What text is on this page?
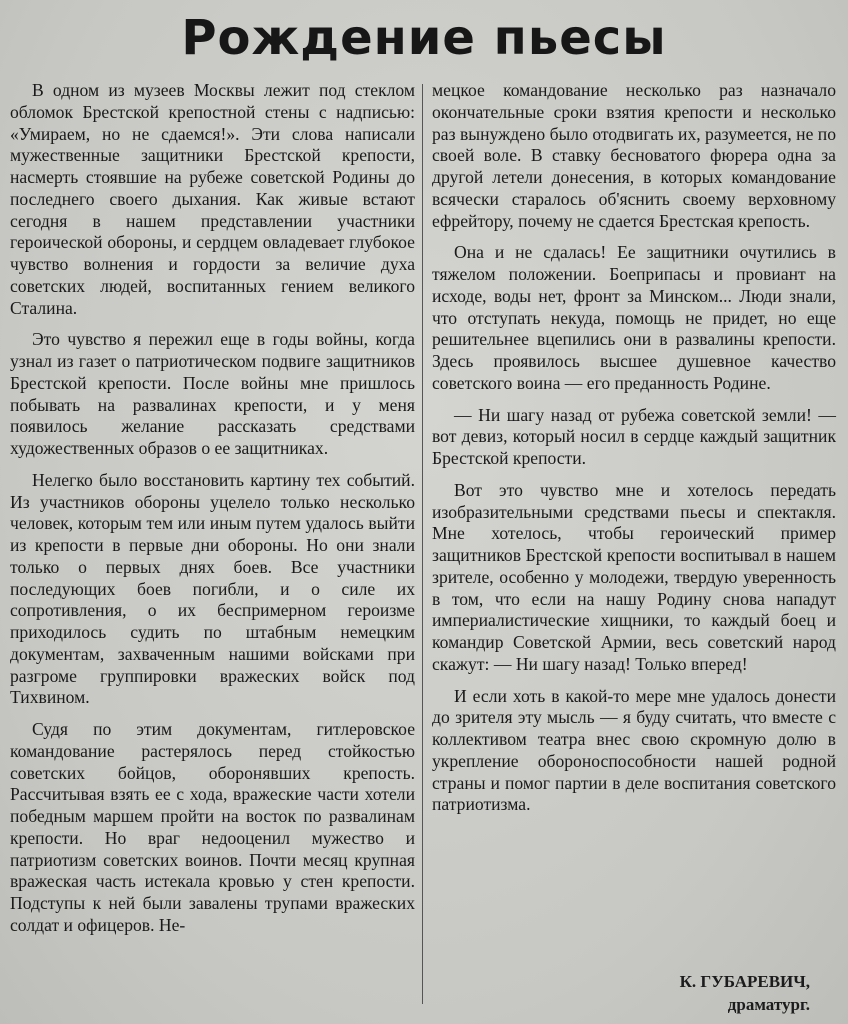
Рождение пьесы

В одном из музеев Москвы лежит под стеклом обломок Брестской крепостной стены с надписью: «Умираем, но не сдаемся!». Эти слова написали мужественные защитники Брестской крепости, насмерть стоявшие на рубеже советской Родины до последнего своего дыхания. Как живые встают сегодня в нашем представлении участники героической обороны, и сердцем овладевает глубокое чувство волнения и гордости за величие духа советских людей, воспитанных гением великого Сталина.

Это чувство я пережил еще в годы войны, когда узнал из газет о патриотическом подвиге защитников Брестской крепости. После войны мне пришлось побывать на развалинах крепости, и у меня появилось желание рассказать средствами художественных образов о ее защитниках.

Нелегко было восстановить картину тех событий. Из участников обороны уцелело только несколько человек, которым тем или иным путем удалось выйти из крепости в первые дни обороны. Но они знали только о первых днях боев. Все участники последующих боев погибли, и о силе их сопротивления, о их беспримерном героизме приходилось судить по штабным немецким документам, захваченным нашими войсками при разгроме группировки вражеских войск под Тихвином.

Судя по этим документам, гитлеровское командование растерялось перед стойкостью советских бойцов, оборонявших крепость. Рассчитывая взять ее с хода, вражеские части хотели победным маршем пройти на восток по развалинам крепости. Но враг недооценил мужество и патриотизм советских воинов. Почти месяц крупная вражеская часть истекала кровью у стен крепости. Подступы к ней были завалены трупами вражеских солдат и офицеров. Не-

мецкое командование несколько раз назначало окончательные сроки взятия крепости и несколько раз вынуждено было отодвигать их, разумеется, не по своей воле. В ставку бесноватого фюрера одна за другой летели донесения, в которых командование всячески старалось об'яснить своему верховному ефрейтору, почему не сдается Брестская крепость.

Она и не сдалась! Ее защитники очутились в тяжелом положении. Боеприпасы и провиант на исходе, воды нет, фронт за Минском... Люди знали, что отступать некуда, помощь не придет, но еще решительнее вцепились они в развалины крепости. Здесь проявилось высшее душевное качество советского воина — его преданность Родине.

— Ни шагу назад от рубежа советской земли! — вот девиз, который носил в сердце каждый защитник Брестской крепости.

Вот это чувство мне и хотелось передать изобразительными средствами пьесы и спектакля. Мне хотелось, чтобы героический пример защитников Брестской крепости воспитывал в нашем зрителе, особенно у молодежи, твердую уверенность в том, что если на нашу Родину снова нападут империалистические хищники, то каждый боец и командир Советской Армии, весь советский народ скажут: — Ни шагу назад! Только вперед!

И если хоть в какой-то мере мне удалось донести до зрителя эту мысль — я буду считать, что вместе с коллективом театра внес свою скромную долю в укрепление обороноспособности нашей родной страны и помог партии в деле воспитания советского патриотизма.

К. ГУБАРЕВИЧ,
драматург.
